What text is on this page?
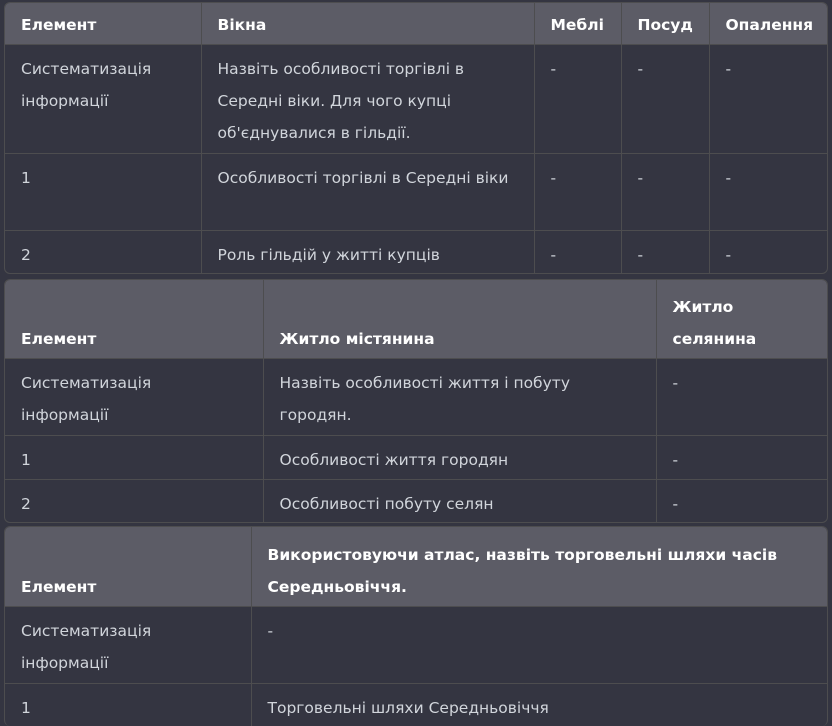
Елемент	Вікна	Меблі	Посуд	Опалення
Систематизація інформації	Назвіть особливості торгівлі в Середні віки. Для чого купці об'єднувалися в гільдії.	-	-	-
1	Особливості торгівлі в Середні віки	-	-	-
2	Роль гільдій у житті купців	-	-	-
Елемент	Житло містянина	Житло селянина
Систематизація інформації	Назвіть особливості життя і побуту городян.	-
1	Особливості життя городян	-
2	Особливості побуту селян	-
Елемент	Використовуючи атлас, назвіть торговельні шляхи часів Середньовіччя.
Систематизація інформації	-
1	Торговельні шляхи Середньовіччя
